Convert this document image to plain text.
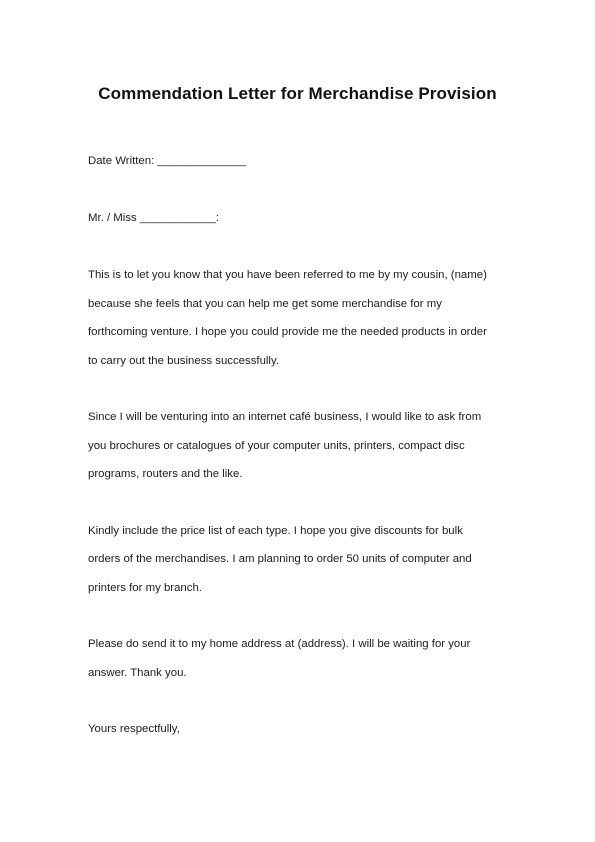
Commendation Letter for Merchandise Provision
Date Written: ______________
Mr. / Miss ____________:
This is to let you know that you have been referred to me by my cousin, (name)
because she feels that you can help me get some merchandise for my
forthcoming venture. I hope you could provide me the needed products in order
to carry out the business successfully.
Since I will be venturing into an internet café business, I would like to ask from
you brochures or catalogues of your computer units, printers, compact disc
programs, routers and the like.
Kindly include the price list of each type. I hope you give discounts for bulk
orders of the merchandises. I am planning to order 50 units of computer and
printers for my branch.
Please do send it to my home address at (address). I will be waiting for your
answer. Thank you.
Yours respectfully,
